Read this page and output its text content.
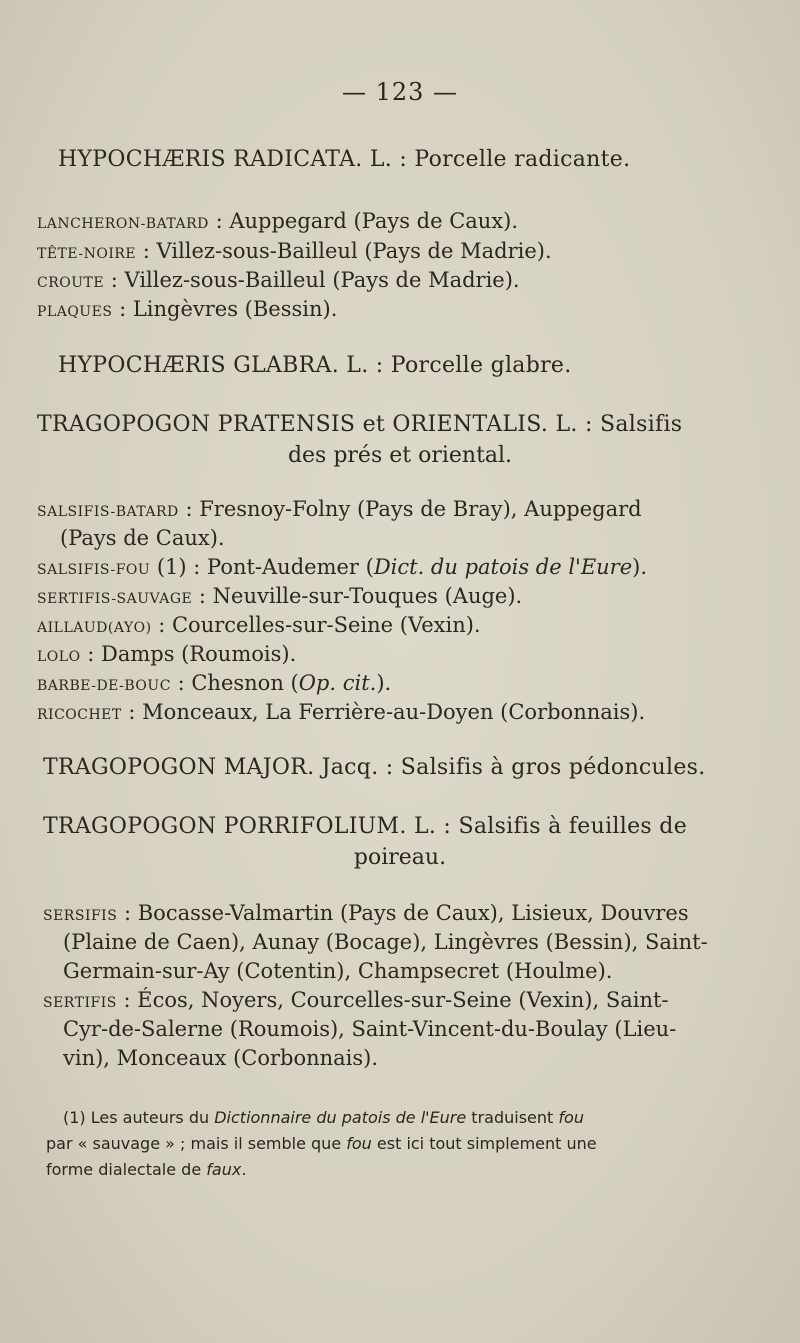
— 123 —
HYPOCHÆRIS RADICATA. L. : Porcelle radicante.
LANCHERON-BATARD : Auppegard (Pays de Caux).
TÊTE-NOIRE : Villez-sous-Bailleul (Pays de Madrie).
CROUTE : Villez-sous-Bailleul (Pays de Madrie).
PLAQUES : Lingèvres (Bessin).
HYPOCHÆRIS GLABRA. L. : Porcelle glabre.
TRAGOPOGON PRATENSIS et ORIENTALIS. L. : Salsifis
des prés et oriental.
SALSIFIS-BATARD : Fresnoy-Folny (Pays de Bray), Auppegard
(Pays de Caux).
SALSIFIS-FOU (1) : Pont-Audemer (Dict. du patois de l'Eure).
SERTIFIS-SAUVAGE : Neuville-sur-Touques (Auge).
AILLAUD(AYO) : Courcelles-sur-Seine (Vexin).
LOLO : Damps (Roumois).
BARBE-DE-BOUC : Chesnon (Op. cit.).
RICOCHET : Monceaux, La Ferrière-au-Doyen (Corbonnais).
TRAGOPOGON MAJOR. Jacq. : Salsifis à gros pédoncules.
TRAGOPOGON PORRIFOLIUM. L. : Salsifis à feuilles de
poireau.
SERSIFIS : Bocasse-Valmartin (Pays de Caux), Lisieux, Douvres
(Plaine de Caen), Aunay (Bocage), Lingèvres (Bessin), Saint-
Germain-sur-Ay (Cotentin), Champsecret (Houlme).
SERTIFIS : Écos, Noyers, Courcelles-sur-Seine (Vexin), Saint-
Cyr-de-Salerne (Roumois), Saint-Vincent-du-Boulay (Lieu-
vin), Monceaux (Corbonnais).
(1) Les auteurs du Dictionnaire du patois de l'Eure traduisent fou
par « sauvage » ; mais il semble que fou est ici tout simplement une
forme dialectale de faux.
